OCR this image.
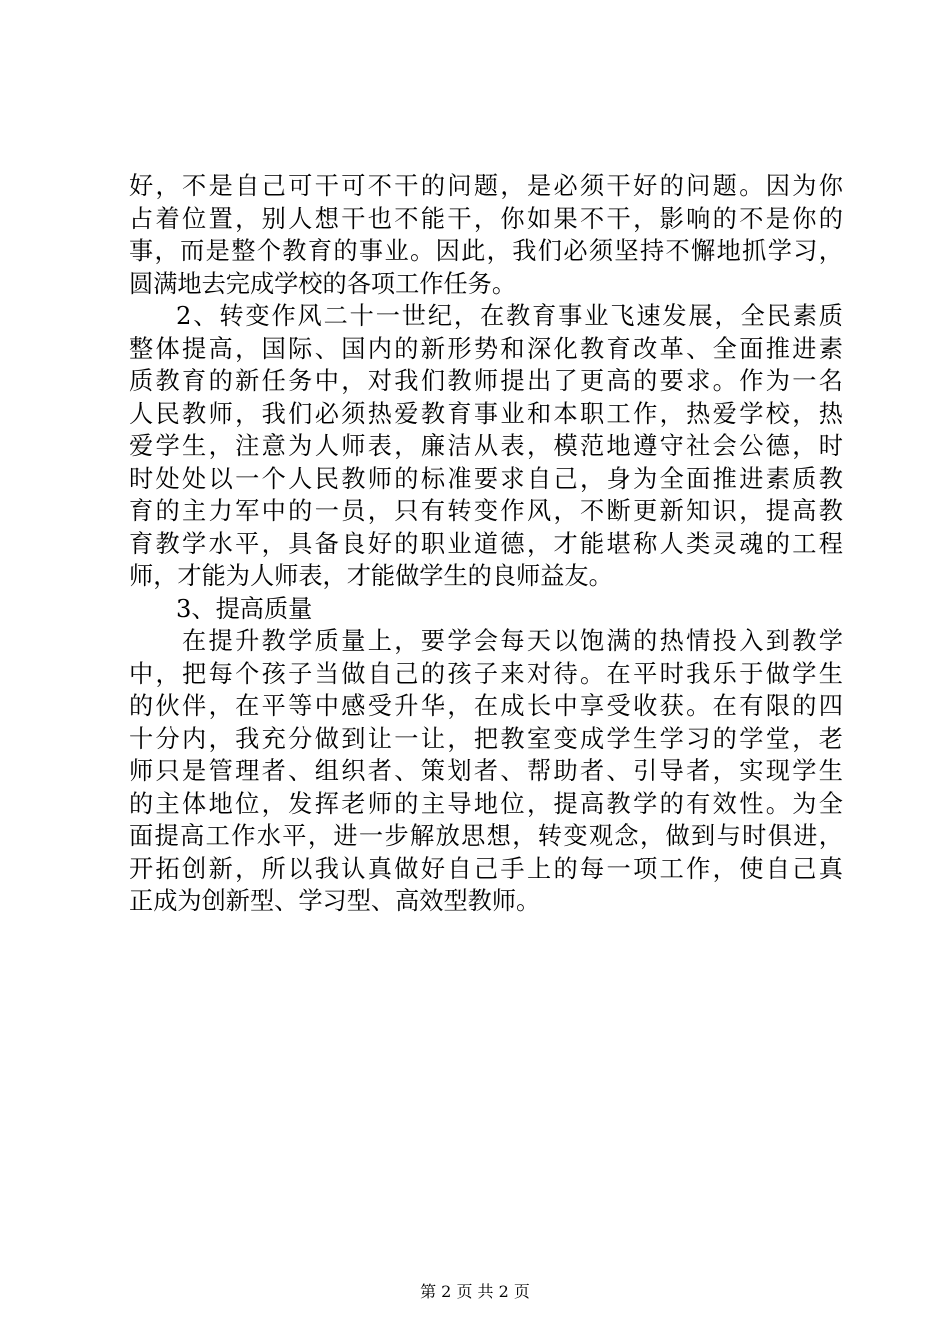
好，不是自己可干可不干的问题，是必须干好的问题。因为你
占着位置，别人想干也不能干，你如果不干，影响的不是你的
事，而是整个教育的事业。因此，我们必须坚持不懈地抓学习，
圆满地去完成学校的各项工作任务。
2、转变作风二十一世纪，在教育事业飞速发展，全民素质
整体提高，国际、国内的新形势和深化教育改革、全面推进素
质教育的新任务中，对我们教师提出了更高的要求。作为一名
人民教师，我们必须热爱教育事业和本职工作，热爱学校，热
爱学生，注意为人师表，廉洁从表，模范地遵守社会公德，时
时处处以一个人民教师的标准要求自己，身为全面推进素质教
育的主力军中的一员，只有转变作风，不断更新知识，提高教
育教学水平，具备良好的职业道德，才能堪称人类灵魂的工程
师，才能为人师表，才能做学生的良师益友。
3、提高质量
在提升教学质量上，要学会每天以饱满的热情投入到教学
中，把每个孩子当做自己的孩子来对待。在平时我乐于做学生
的伙伴，在平等中感受升华，在成长中享受收获。在有限的四
十分内，我充分做到让一让，把教室变成学生学习的学堂，老
师只是管理者、组织者、策划者、帮助者、引导者，实现学生
的主体地位，发挥老师的主导地位，提高教学的有效性。为全
面提高工作水平，进一步解放思想，转变观念，做到与时俱进，
开拓创新，所以我认真做好自己手上的每一项工作，使自己真
正成为创新型、学习型、高效型教师。
第 2 页 共 2 页
